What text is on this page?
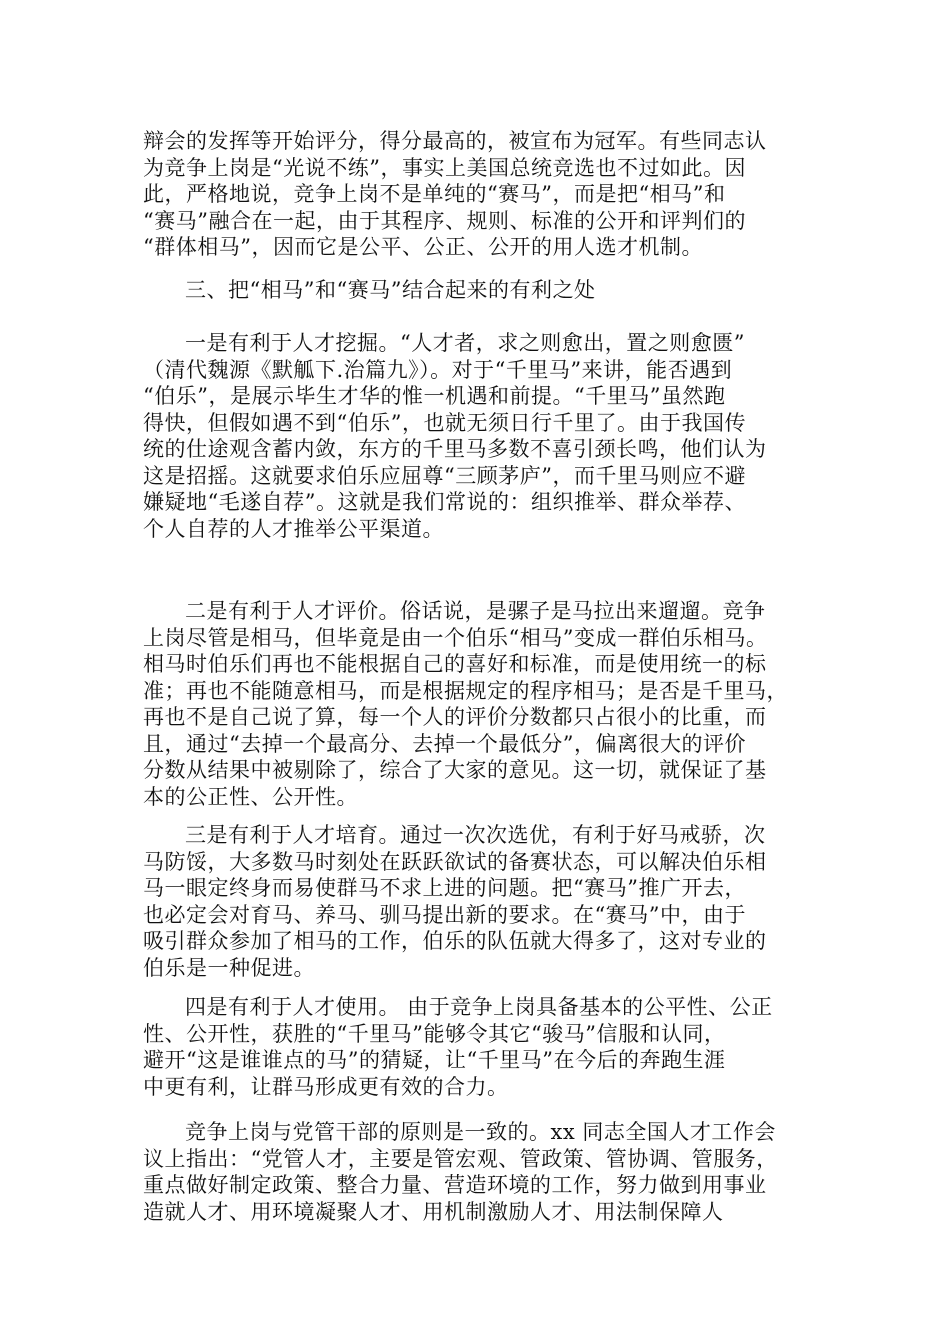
辩会的发挥等开始评分，得分最高的，被宣布为冠军。有些同志认
为竞争上岗是“光说不练”，事实上美国总统竞选也不过如此。因
此，严格地说，竞争上岗不是单纯的“赛马”，而是把“相马”和
“赛马”融合在一起，由于其程序、规则、标准的公开和评判们的
“群体相马”，因而它是公平、公正、公开的用人选才机制。
三、把“相马”和“赛马”结合起来的有利之处
一是有利于人才挖掘。“人才者，求之则愈出，置之则愈匮”
（清代魏源《默觚下.治篇九》）。对于“千里马”来讲，能否遇到
“伯乐”，是展示毕生才华的惟一机遇和前提。“千里马”虽然跑
得快，但假如遇不到“伯乐”，也就无须日行千里了。由于我国传
统的仕途观含蓄内敛，东方的千里马多数不喜引颈长鸣，他们认为
这是招摇。这就要求伯乐应屈尊“三顾茅庐”，而千里马则应不避
嫌疑地“毛遂自荐”。这就是我们常说的：组织推举、群众举荐、
个人自荐的人才推举公平渠道。
二是有利于人才评价。俗话说，是骡子是马拉出来遛遛。竞争
上岗尽管是相马，但毕竟是由一个伯乐“相马”变成一群伯乐相马。
相马时伯乐们再也不能根据自己的喜好和标准，而是使用统一的标
准；再也不能随意相马，而是根据规定的程序相马；是否是千里马，
再也不是自己说了算，每一个人的评价分数都只占很小的比重，而
且，通过“去掉一个最高分、去掉一个最低分”，偏离很大的评价
分数从结果中被剔除了，综合了大家的意见。这一切，就保证了基
本的公正性、公开性。
三是有利于人才培育。通过一次次选优，有利于好马戒骄，次
马防馁，大多数马时刻处在跃跃欲试的备赛状态，可以解决伯乐相
马一眼定终身而易使群马不求上进的问题。把“赛马”推广开去，
也必定会对育马、养马、驯马提出新的要求。在“赛马”中，由于
吸引群众参加了相马的工作，伯乐的队伍就大得多了，这对专业的
伯乐是一种促进。
四是有利于人才使用。 由于竞争上岗具备基本的公平性、公正
性、公开性，获胜的“千里马”能够令其它“骏马”信服和认同，
避开“这是谁谁点的马”的猜疑，让“千里马”在今后的奔跑生涯
中更有利，让群马形成更有效的合力。
竞争上岗与党管干部的原则是一致的。xx 同志全国人才工作会
议上指出：“党管人才，主要是管宏观、管政策、管协调、管服务，
重点做好制定政策、整合力量、营造环境的工作，努力做到用事业
造就人才、用环境凝聚人才、用机制激励人才、用法制保障人
